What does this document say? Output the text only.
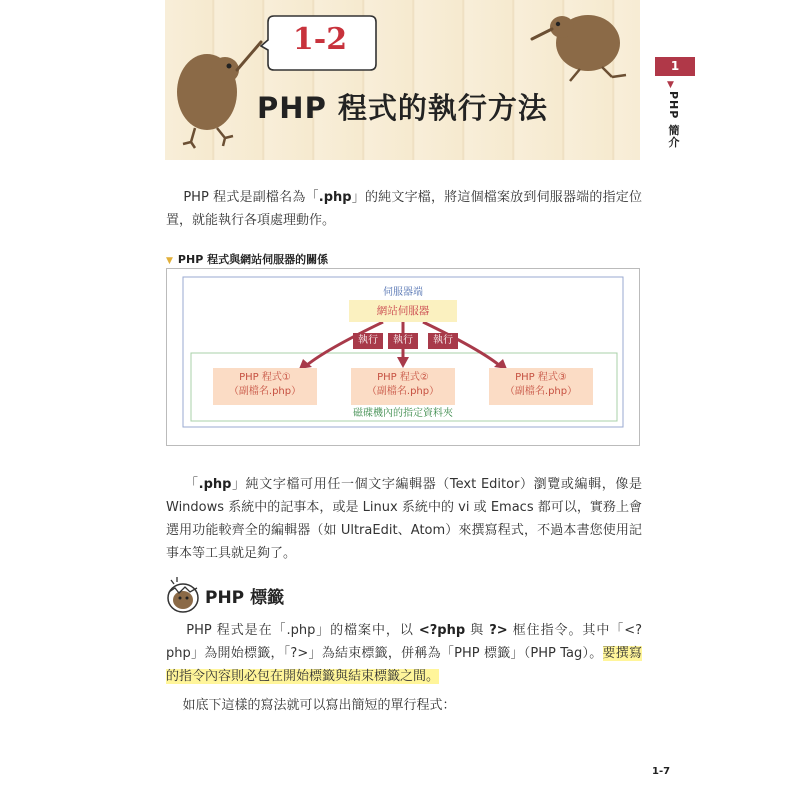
1-2
PHP 程式的執行方法
1
▼
PHP 簡介

PHP 程式是副檔名為「.php」的純文字檔，將這個檔案放到伺服器端的指定位置，就能執行各項處理動作。

▼ PHP 程式與網站伺服器的關係
伺服器端
網站伺服器
執行	執行	執行
PHP 程式①
（副檔名.php）
PHP 程式②
（副檔名.php）
PHP 程式③
（副檔名.php）
磁碟機內的指定資料夾

「.php」純文字檔可用任一個文字編輯器（Text Editor）瀏覽或編輯，像是 Windows 系統中的記事本，或是 Linux 系統中的 vi 或 Emacs 都可以，實務上會選用功能較齊全的編輯器（如 UltraEdit、Atom）來撰寫程式，不過本書您使用記事本等工具就足夠了。

PHP 標籤

PHP 程式是在「.php」的檔案中，以 <?php 與 ?> 框住指令。其中「<?php」為開始標籤，「?>」為結束標籤，併稱為「PHP 標籤」（PHP Tag）。要撰寫的指令內容則必包在開始標籤與結束標籤之間。

如底下這樣的寫法就可以寫出簡短的單行程式：

1-7
